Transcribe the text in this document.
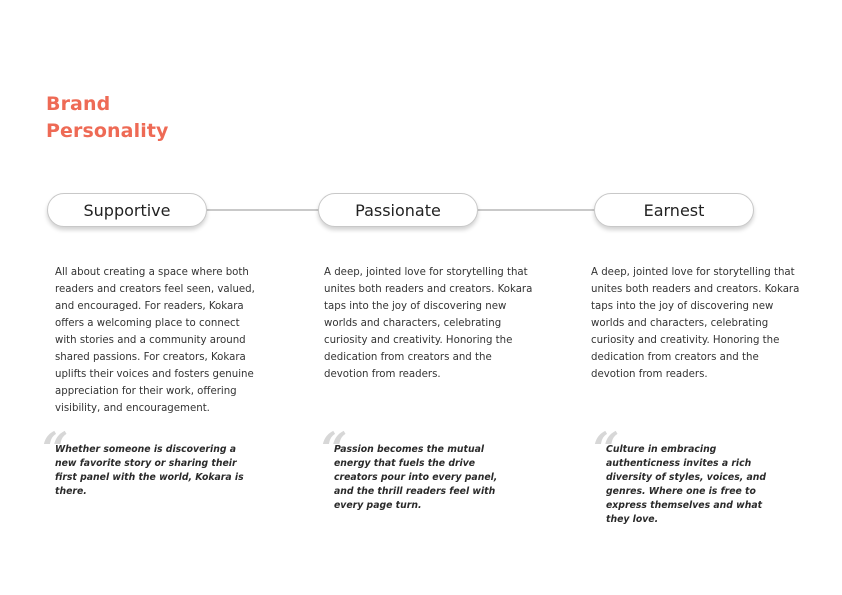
Brand
Personality
Supportive
All about creating a space where both readers and creators feel seen, valued, and encouraged. For readers, Kokara offers a welcoming place to connect with stories and a community around shared passions. For creators, Kokara uplifts their voices and fosters genuine appreciation for their work, offering visibility, and encouragement.
“
Whether someone is discovering a new favorite story or sharing their first panel with the world, Kokara is there.
Passionate
A deep, jointed love for storytelling that unites both readers and creators. Kokara taps into the joy of discovering new worlds and characters, celebrating curiosity and creativity. Honoring the dedication from creators and the devotion from readers.
“
Passion becomes the mutual energy that fuels the drive creators pour into every panel, and the thrill readers feel with every page turn.
Earnest
A deep, jointed love for storytelling that unites both readers and creators. Kokara taps into the joy of discovering new worlds and characters, celebrating curiosity and creativity. Honoring the dedication from creators and the devotion from readers.
“
Culture in embracing authenticness invites a rich diversity of styles, voices, and genres. Where one is free to express themselves and what they love.
